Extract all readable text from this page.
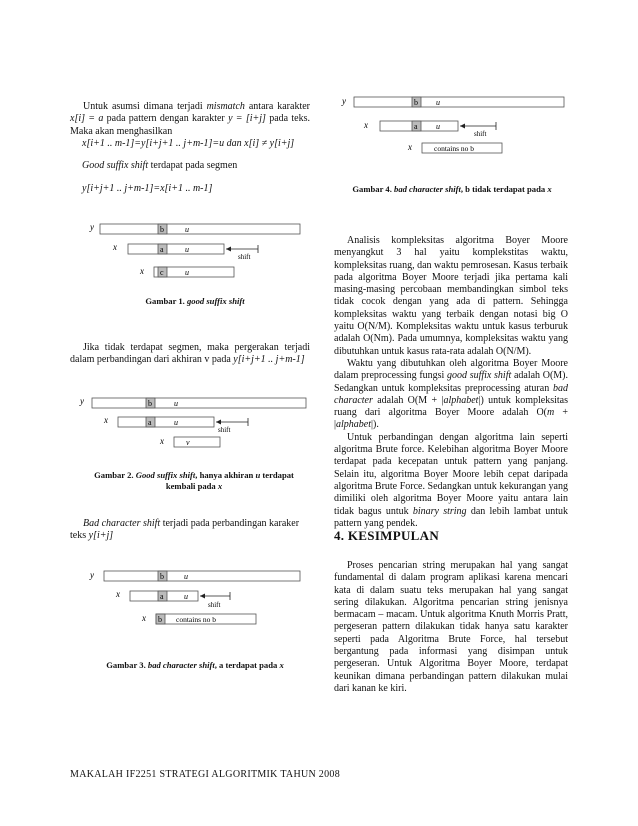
Untuk asumsi dimana terjadi mismatch antara karakter x[i] = a pada pattern dengan karakter y = [i+j] pada teks. Maka akan menghasilkan
x[i+1 .. m-1]=y[i+j+1 .. j+m-1]=u dan x[i] ≠ y[i+j]
Good suffix shift terdapat pada segmen
y[i+j+1 .. j+m-1]=x[i+1 .. m-1]
y	b	u
x	a	u
shift
x c	u
Gambar 1. good suffix shift
Jika tidak terdapat segmen, maka pergerakan terjadi dalam perbandingan dari akhiran v pada y[i+j+1 .. j+m-1]
y	b	u
x	a	u
shift
x	v
Gambar 2. Good suffix shift, hanya akhiran u terdapat
kembali pada x
Bad character shift terjadi pada perbandingan karaker teks y[i+j]
y	b	u
x	a	u
shift
x b contains no b
Gambar 3. bad character shift, a terdapat pada x
y	b u
x	a u
shift
x	contains no b
Gambar 4. bad character shift, b tidak terdapat pada x

Analisis kompleksitas algoritma Boyer Moore menyangkut 3 hal yaitu komplekstitas waktu, kompleksitas ruang, dan waktu pemrosesan. Kasus terbaik pada algoritma Boyer Moore terjadi jika pertama kali masing-masing percobaan membandingkan simbol teks tidak cocok dengan yang ada di pattern. Sehingga kompleksitas waktu yang terbaik dengan notasi big O yaitu O(N/M). Kompleksitas waktu untuk kasus terburuk adalah O(Nm). Pada umumnya, kompleksitas waktu yang dibutuhkan untuk kasus rata-rata adalah O(N/M).

Waktu yang dibutuhkan oleh algoritma Boyer Moore dalam preprocessing fungsi good suffix shift adalah O(M). Sedangkan untuk kompleksitas preprocessing aturan bad character adalah O(M + |alphabet|) untuk kompleksitas ruang dari algoritma Boyer Moore adalah O(m + |alphabet|).

Untuk perbandingan dengan algoritma lain seperti algoritma Brute force. Kelebihan algoritma Boyer Moore terdapat pada kecepatan untuk pattern yang panjang. Selain itu, algoritma Boyer Moore lebih cepat daripada algoritma Brute Force. Sedangkan untuk kekurangan yang dimiliki oleh algoritma Boyer Moore yaitu antara lain tidak bagus untuk binary string dan lebih lambat untuk pattern yang pendek.

4. KESIMPULAN
Proses pencarian string merupakan hal yang sangat fundamental di dalam program aplikasi karena mencari kata di dalam suatu teks merupakan hal yang sangat sering dilakukan. Algoritma pencarian string jenisnya bermacam – macam. Untuk algoritma Knuth Morris Pratt, pergeseran pattern dilakukan tidak hanya satu karakter seperti pada Algoritma Brute Force, hal tersebut bergantung pada informasi yang disimpan untuk pergeseran. Untuk Algoritma Boyer Moore, terdapat keunikan dimana perbandingan pattern dilakukan mulai dari kanan ke kiri.
MAKALAH IF2251 STRATEGI ALGORITMIK TAHUN 2008
